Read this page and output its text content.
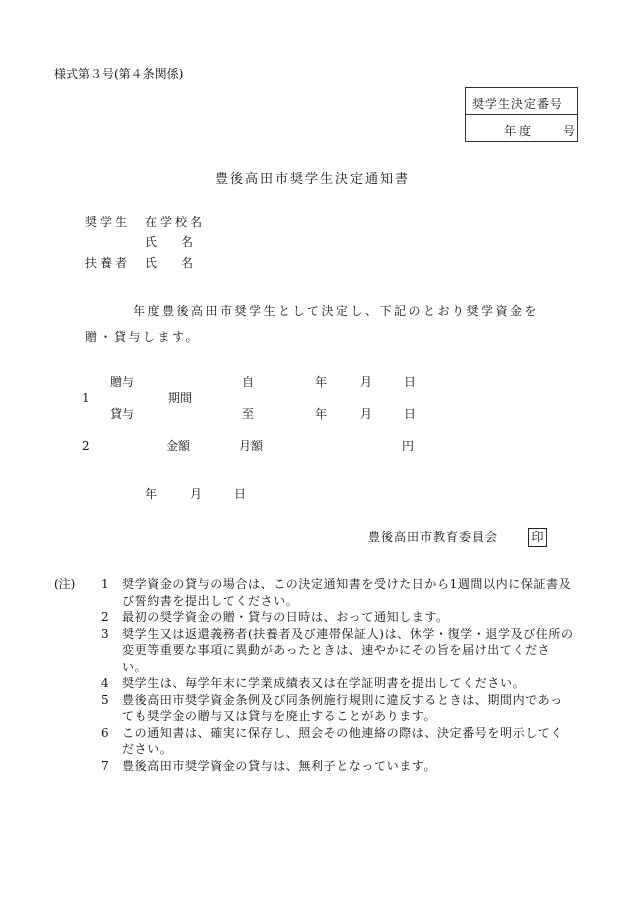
様式第３号(第４条関係)
奨学生決定番号
年度 号
豊後高田市奨学生決定通知書
奨学生 在学校名
氏　　名
扶養者 氏　　名
年度豊後高田市奨学生として決定し、下記のとおり奨学資金を
贈・貸与します。
贈与	自	年	月	日
1	期間
貸与	至	年	月	日
2	金額	月額	円
年	月	日
豊後高田市教育委員会	印
(注) 1 奨学資金の貸与の場合は、この決定通知書を受けた日から1週間以内に保証書及び誓約書を提出してください。
2 最初の奨学資金の贈・貸与の日時は、おって通知します。
3 奨学生又は返還義務者(扶養者及び連帯保証人)は、休学・復学・退学及び住所の変更等重要な事項に異動があったときは、速やかにその旨を届け出てください。
4 奨学生は、毎学年末に学業成績表又は在学証明書を提出してください。
5 豊後高田市奨学資金条例及び同条例施行規則に違反するときは、期間内であっても奨学金の贈与又は貸与を廃止することがあります。
6 この通知書は、確実に保存し、照会その他連絡の際は、決定番号を明示してください。
7 豊後高田市奨学資金の貸与は、無利子となっています。
